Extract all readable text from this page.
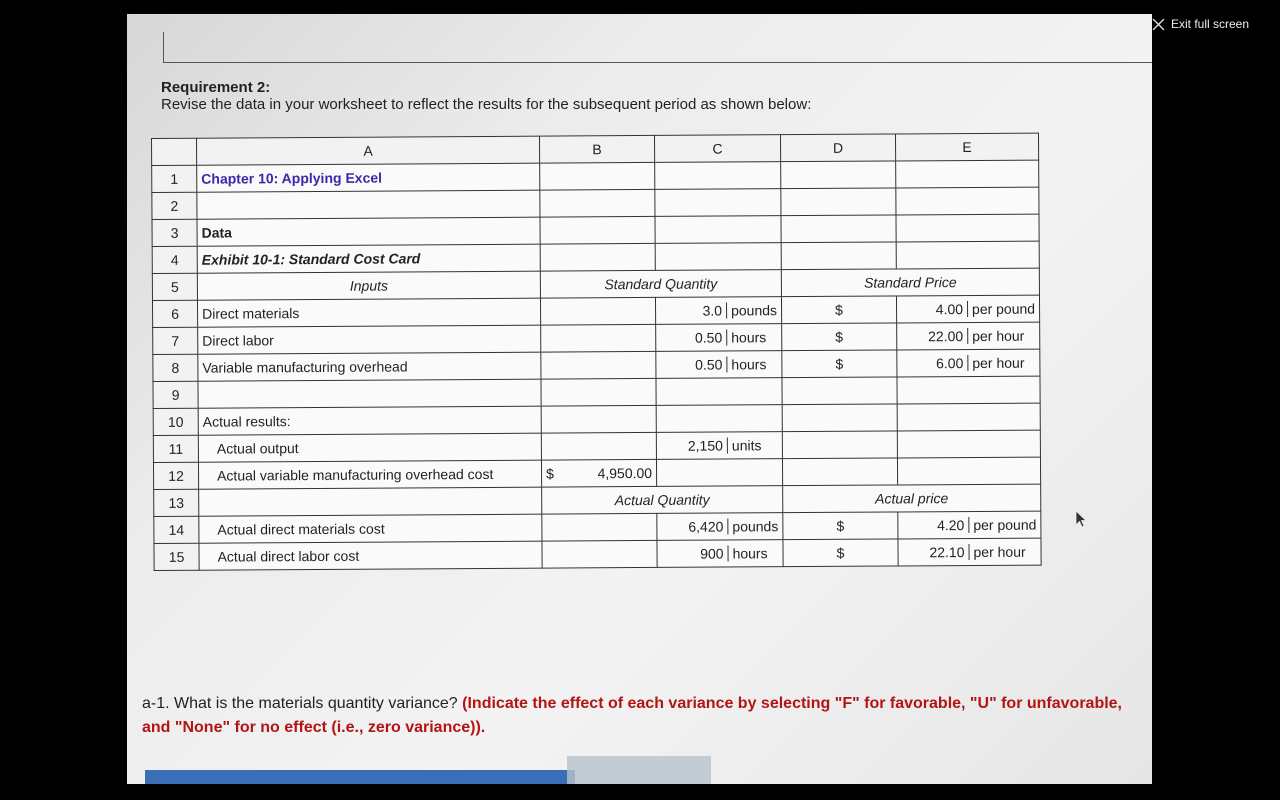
Exit full screen
Requirement 2:
Revise the data in your worksheet to reflect the results for the subsequent period as shown below:
	A	B	C	D	E
1	Chapter 10: Applying Excel				
2					
3	Data				
4	Exhibit 10-1: Standard Cost Card				
5	Inputs	Standard Quantity		Standard Price	
6	Direct materials		3.0 pounds	$	4.00 per pound
7	Direct labor		0.50 hours	$	22.00 per hour
8	Variable manufacturing overhead		0.50 hours	$	6.00 per hour
9					
10	Actual results:				
11	Actual output		2,150 units		
12	Actual variable manufacturing overhead cost	$ 4,950.00			

13		Actual Quantity		Actual price	
14	Actual direct materials cost		6,420 pounds	$	4.20 per pound
15	Actual direct labor cost		900 hours	$	22.10 per hour
a-1. What is the materials quantity variance? (Indicate the effect of each variance by selecting "F" for favorable, "U" for unfavorable, and "None" for no effect (i.e., zero variance)).
